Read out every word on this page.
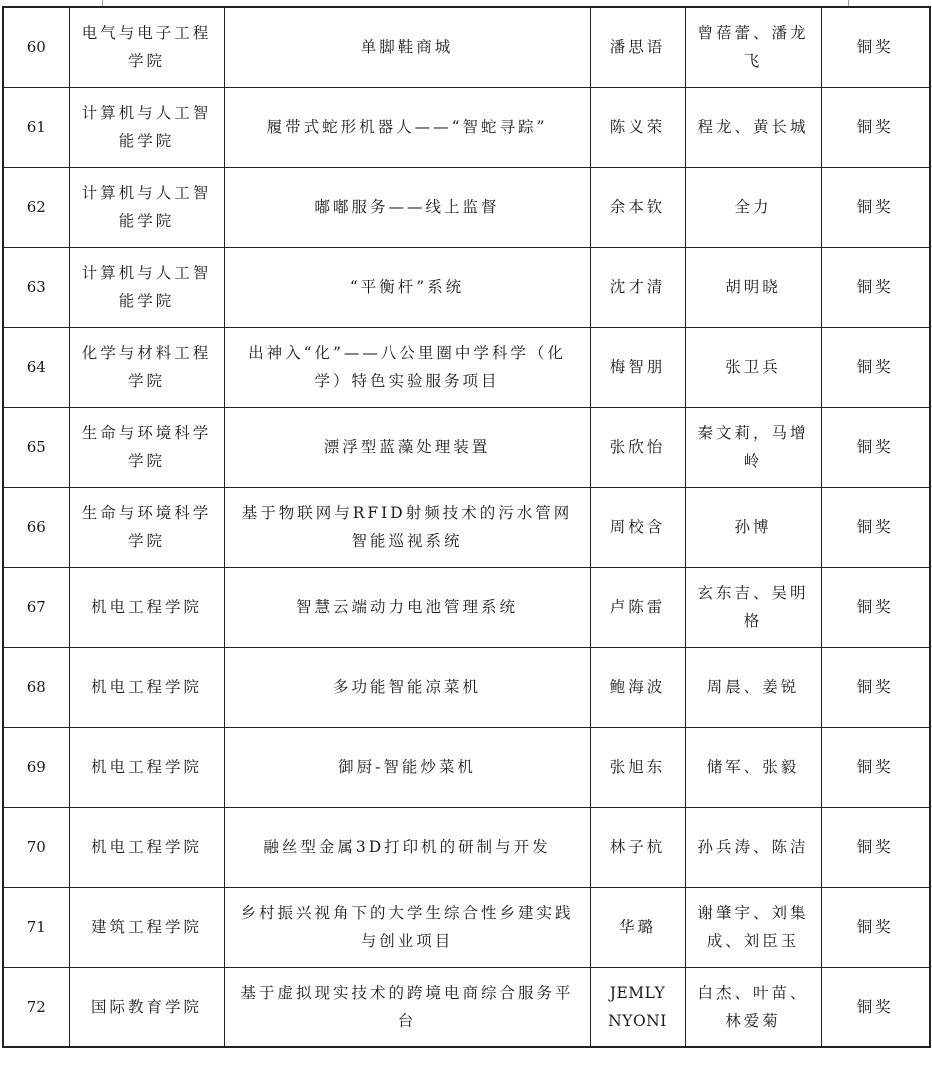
60	电气与电子工程学院	单脚鞋商城	潘思语	曾蓓蕾、潘龙飞	铜奖
61	计算机与人工智能学院	履带式蛇形机器人——“智蛇寻踪”	陈义荣	程龙、黄长城	铜奖
62	计算机与人工智能学院	嘟嘟服务——线上监督	余本钦	全力	铜奖
63	计算机与人工智能学院	“平衡杆”系统	沈才清	胡明晓	铜奖
64	化学与材料工程学院	出神入“化”——八公里圈中学科学（化学）特色实验服务项目	梅智朋	张卫兵	铜奖
65	生命与环境科学学院	漂浮型蓝藻处理装置	张欣怡	秦文莉，马增岭	铜奖
66	生命与环境科学学院	基于物联网与RFID射频技术的污水管网智能巡视系统	周校含	孙博	铜奖
67	机电工程学院	智慧云端动力电池管理系统	卢陈雷	玄东吉、吴明格	铜奖
68	机电工程学院	多功能智能凉菜机	鲍海波	周晨、姜锐	铜奖
69	机电工程学院	御厨-智能炒菜机	张旭东	储军、张毅	铜奖
70	机电工程学院	融丝型金属3D打印机的研制与开发	林子杭	孙兵涛、陈洁	铜奖
71	建筑工程学院	乡村振兴视角下的大学生综合性乡建实践与创业项目	华璐	谢肇宇、刘集成、刘臣玉	铜奖
72	国际教育学院	基于虚拟现实技术的跨境电商综合服务平台	JEMLY NYONI	白杰、叶苗、林爱菊	铜奖
